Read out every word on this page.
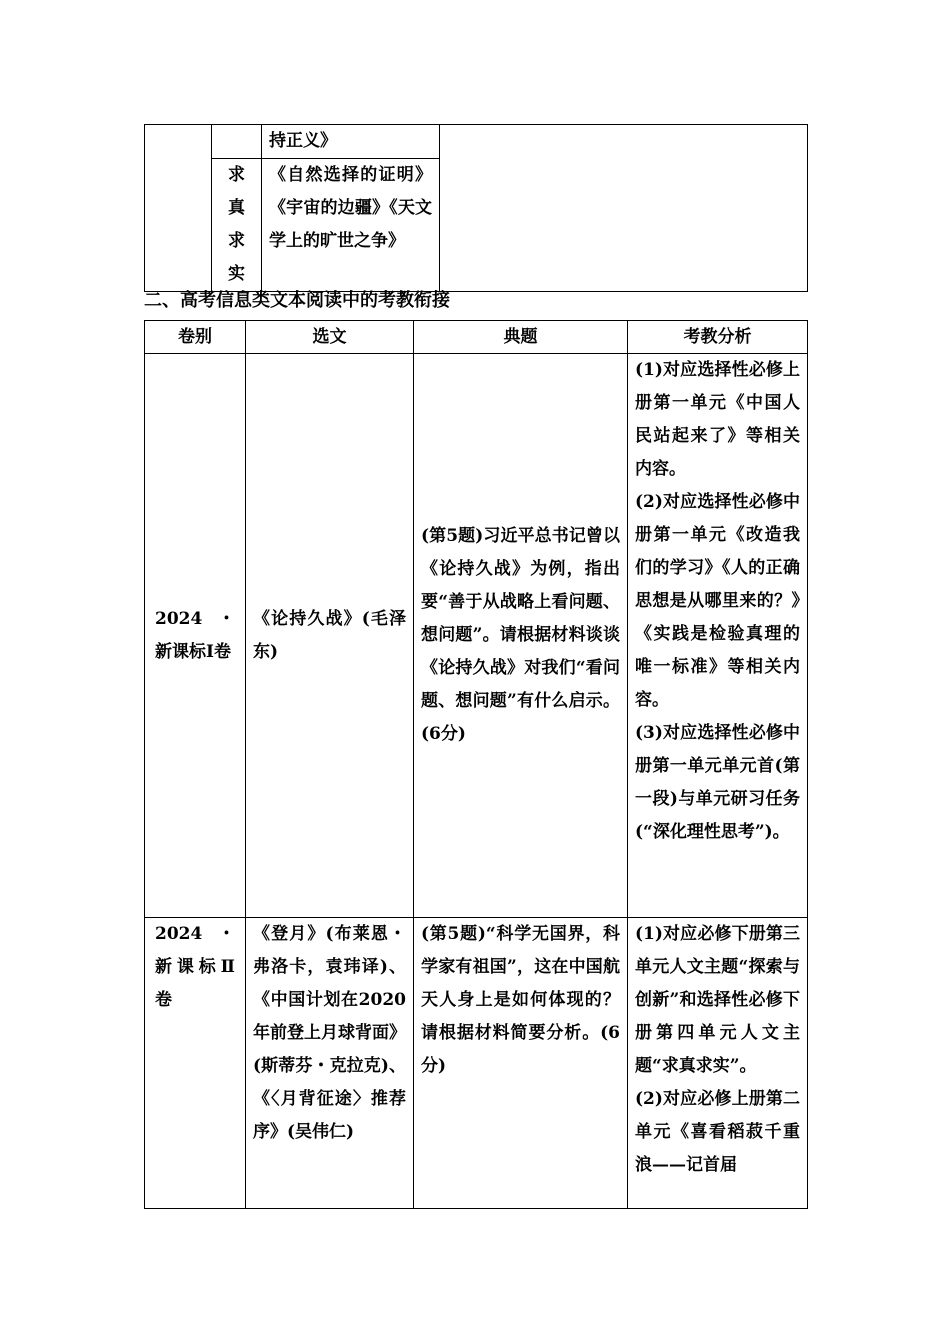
		持正义》	

	求真求实	《自然选择的证明》《宇宙的边疆》《天文学上的旷世之争》	
二、高考信息类文本阅读中的考教衔接
卷别	选文	典题	考教分析

2024・新课标Ⅰ卷	《论持久战》(毛泽东)	(第5题)习近平总书记曾以《论持久战》为例，指出要“善于从战略上看问题、想问题”。请根据材料谈谈《论持久战》对我们“看问题、想问题”有什么启示。(6分)	(1)对应选择性必修上册第一单元《中国人民站起来了》等相关内容。

(2)对应选择性必修中册第一单元《改造我们的学习》《人的正确思想是从哪里来的？》《实践是检验真理的唯一标准》等相关内容。

(3)对应选择性必修中册第一单元单元首(第一段)与单元研习任务(“深化理性思考”)。

2024・新课标Ⅱ卷	《登月》(布莱恩・弗洛卡，袁玮译)、《中国计划在2020年前登上月球背面》(斯蒂芬・克拉克)、《〈月背征途〉推荐序》(吴伟仁)	(第5题)“科学无国界，科学家有祖国”，这在中国航天人身上是如何体现的？请根据材料简要分析。(6分)	(1)对应必修下册第三单元人文主题“探索与创新”和选择性必修下册第四单元人文主题“求真求实”。

(2)对应必修上册第二单元《喜看稻菽千重浪——记首届
